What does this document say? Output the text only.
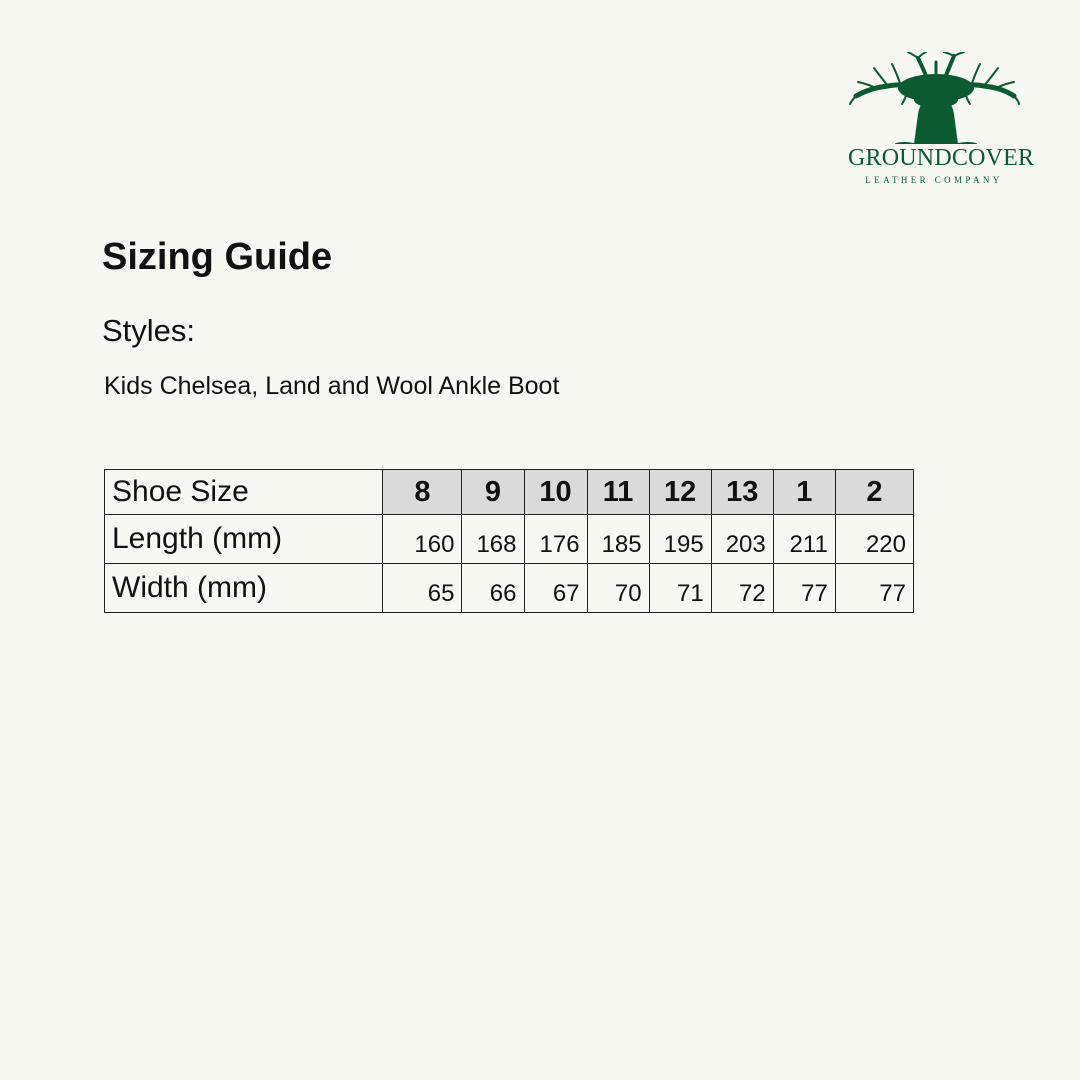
GROUNDCOVER
LEATHER COMPANY
Sizing Guide
Styles:
Kids Chelsea, Land and Wool Ankle Boot
Shoe Size	8	9	10	11	12	13	1	2
Length (mm)	160	168	176	185	195	203	211	220
Width (mm)	65	66	67	70	71	72	77	77
